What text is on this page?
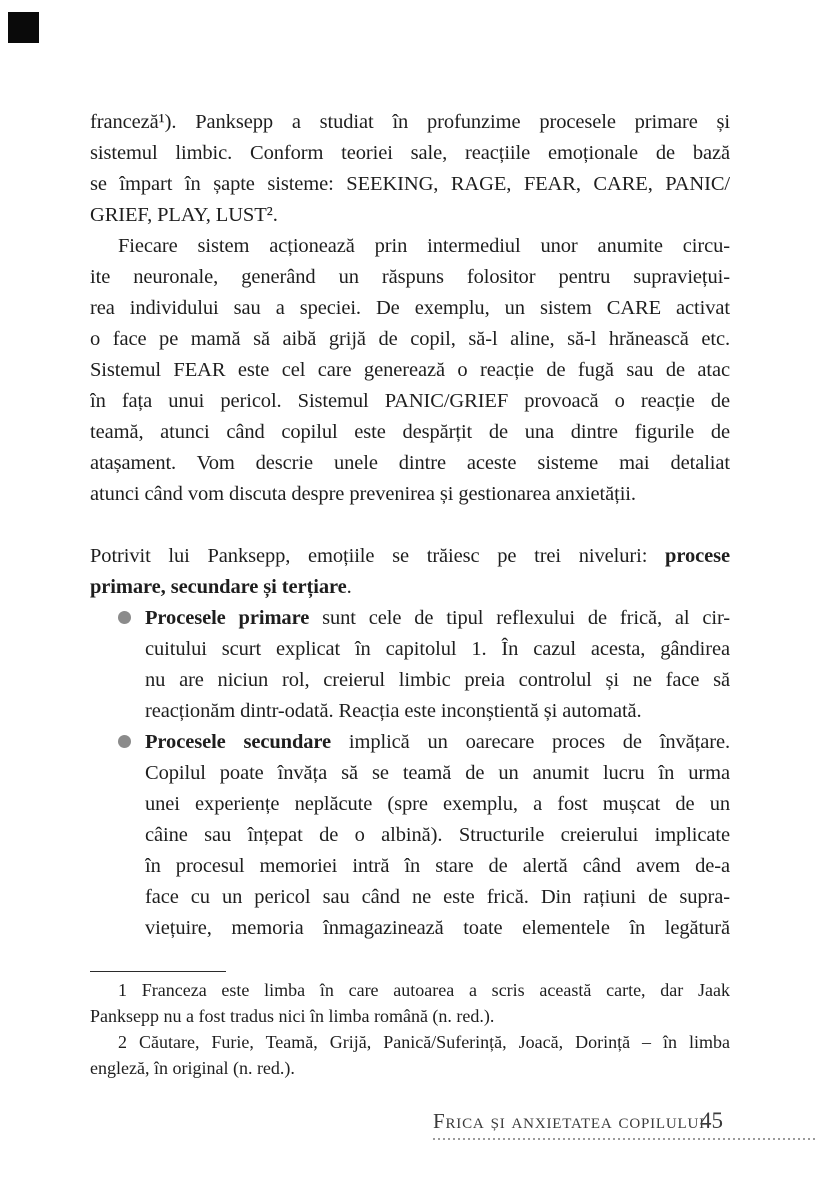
franceză¹). Panksepp a studiat în profunzime procesele primare și
sistemul limbic. Conform teoriei sale, reacțiile emoționale de bază
se împart în șapte sisteme: SEEKING, RAGE, FEAR, CARE, PANIC/
GRIEF, PLAY, LUST².
Fiecare sistem acționează prin intermediul unor anumite circu-
ite neuronale, generând un răspuns folositor pentru supraviețui-
rea individului sau a speciei. De exemplu, un sistem CARE activat
o face pe mamă să aibă grijă de copil, să-l aline, să-l hrănească etc.
Sistemul FEAR este cel care generează o reacție de fugă sau de atac
în fața unui pericol. Sistemul PANIC/GRIEF provoacă o reacție de
teamă, atunci când copilul este despărțit de una dintre figurile de
atașament. Vom descrie unele dintre aceste sisteme mai detaliat
atunci când vom discuta despre prevenirea și gestionarea anxietății.
Potrivit lui Panksepp, emoțiile se trăiesc pe trei niveluri: procese
primare, secundare și terțiare.
Procesele primare sunt cele de tipul reflexului de frică, al cir-
cuitului scurt explicat în capitolul 1. În cazul acesta, gândirea
nu are niciun rol, creierul limbic preia controlul și ne face să
reacționăm dintr-odată. Reacția este inconștientă și automată.
Procesele secundare implică un oarecare proces de învățare.
Copilul poate învăța să se teamă de un anumit lucru în urma
unei experiențe neplăcute (spre exemplu, a fost mușcat de un
câine sau înțepat de o albină). Structurile creierului implicate
în procesul memoriei intră în stare de alertă când avem de-a
face cu un pericol sau când ne este frică. Din rațiuni de supra-
viețuire, memoria înmagazinează toate elementele în legătură
1 Franceza este limba în care autoarea a scris această carte, dar Jaak
Panksepp nu a fost tradus nici în limba română (n. red.).
2 Căutare, Furie, Teamă, Grijă, Panică/Suferință, Joacă, Dorință – în limba
engleză, în original (n. red.).
Frica și anxietatea copilului
45
